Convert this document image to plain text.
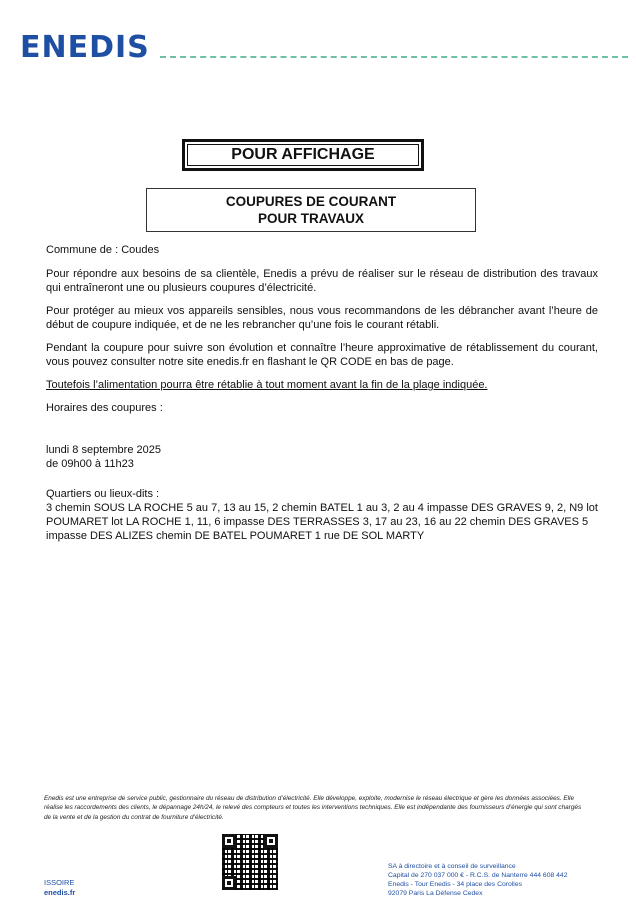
ENEDIS
POUR AFFICHAGE
COUPURES DE COURANT
POUR TRAVAUX

Commune de : Coudes

Pour répondre aux besoins de sa clientèle, Enedis a prévu de réaliser sur le réseau de distribution des travaux qui entraîneront une ou plusieurs coupures d’électricité.

Pour protéger au mieux vos appareils sensibles, nous vous recommandons de les débrancher avant l’heure de début de coupure indiquée, et de ne les rebrancher qu’une fois le courant rétabli.

Pendant la coupure pour suivre son évolution et connaître l’heure approximative de rétablissement du courant, vous pouvez consulter notre site enedis.fr en flashant le QR CODE en bas de page.

Toutefois l’alimentation pourra être rétablie à tout moment avant la fin de la plage indiquée.

Horaires des coupures :

lundi 8 septembre 2025

de 09h00 à 11h23

Quartiers ou lieux-dits :

3 chemin SOUS LA ROCHE 5 au 7, 13 au 15, 2 chemin BATEL 1 au 3, 2 au 4 impasse DES GRAVES 9, 2, N9 lot POUMARET lot LA ROCHE 1, 11, 6 impasse DES TERRASSES 3, 17 au 23, 16 au 22 chemin DES GRAVES 5 impasse DES ALIZES chemin DE BATEL POUMARET 1 rue DE SOL MARTY
Enedis est une entreprise de service public, gestionnaire du réseau de distribution d’électricité. Elle développe, exploite, modernise le réseau électrique et gère les données associées. Elle réalise les raccordements des clients, le dépannage 24h/24, le relevé des compteurs et toutes les interventions techniques. Elle est indépendante des fournisseurs d’énergie qui sont chargés de la vente et de la gestion du contrat de fourniture d’électricité.
ISSOIRE
enedis.fr
SA à directoire et à conseil de surveillance
Capital de 270 037 000 € - R.C.S. de Nanterre 444 608 442
Enedis - Tour Enedis - 34 place des Corolles
92079 Paris La Défense Cedex
